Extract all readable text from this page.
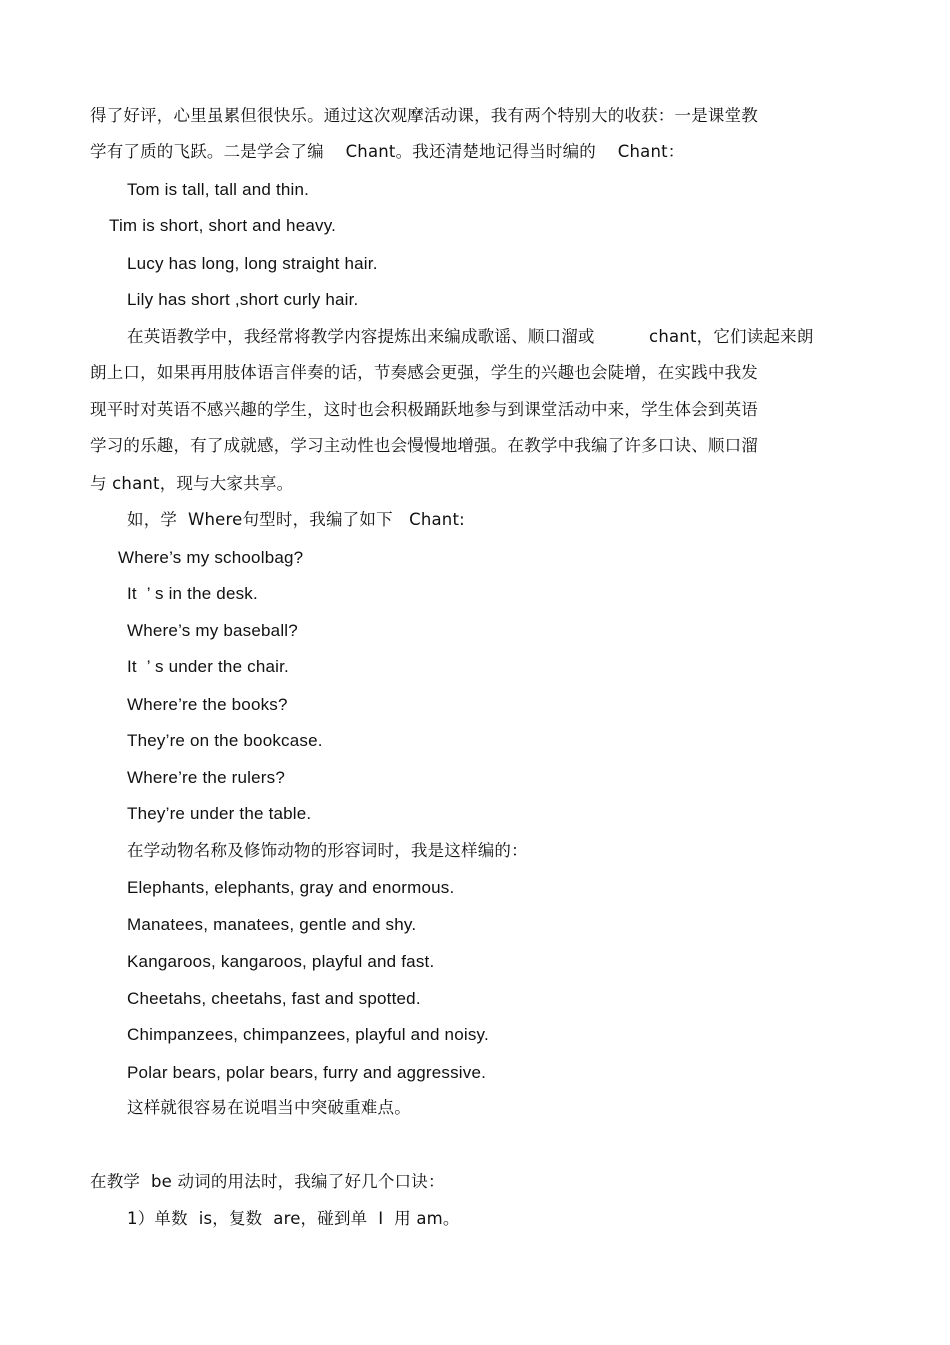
得了好评，心里虽累但很快乐。通过这次观摩活动课，我有两个特别大的收获：一是课堂教
学有了质的飞跃。二是学会了编    Chant。我还清楚地记得当时编的    Chant：
Tom is tall, tall and thin.
Tim is short, short and heavy.
Lucy has long, long straight hair.
Lily has short ,short curly hair.
在英语教学中，我经常将教学内容提炼出来编成歌谣、顺口溜或          chant，它们读起来朗
朗上口，如果再用肢体语言伴奏的话，节奏感会更强，学生的兴趣也会陡增，在实践中我发
现平时对英语不感兴趣的学生，这时也会积极踊跃地参与到课堂活动中来，学生体会到英语
学习的乐趣，有了成就感，学习主动性也会慢慢地增强。在教学中我编了许多口诀、顺口溜
与 chant，现与大家共享。
如，学  Where句型时，我编了如下   Chant:
Where’s my schoolbag?
It  ’ s in the desk.
Where’s my baseball?
It  ’ s under the chair.
Where’re the books?
They’re on the bookcase.
Where’re the rulers?
They’re under the table.
在学动物名称及修饰动物的形容词时，我是这样编的：
Elephants, elephants, gray and enormous.
Manatees, manatees, gentle and shy.
Kangaroos, kangaroos, playful and fast.
Cheetahs, cheetahs, fast and spotted.
Chimpanzees, chimpanzees, playful and noisy.
Polar bears, polar bears, furry and aggressive.
这样就很容易在说唱当中突破重难点。
在教学  be 动词的用法时，我编了好几个口诀：
1）单数  is，复数  are，碰到单  I  用 am。
